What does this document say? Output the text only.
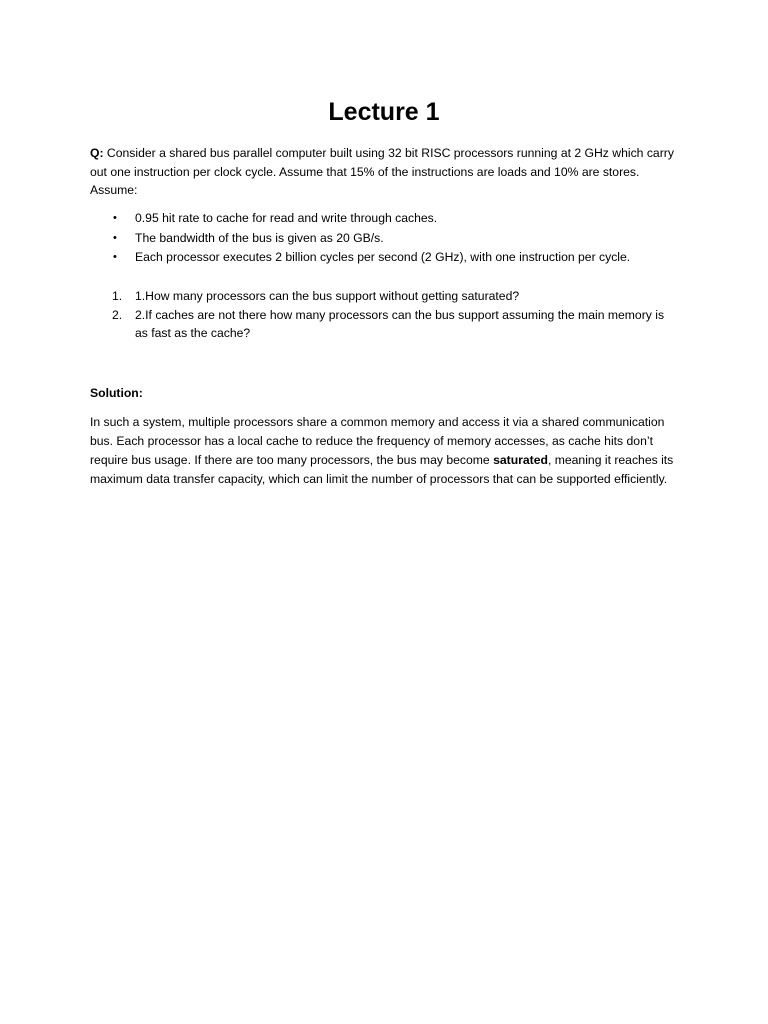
Lecture 1

Q: Consider a shared bus parallel computer built using 32 bit RISC processors running at 2 GHz which carry out one instruction per clock cycle. Assume that 15% of the instructions are loads and 10% are stores. Assume:

• 0.95 hit rate to cache for read and write through caches.
• The bandwidth of the bus is given as 20 GB/s.
• Each processor executes 2 billion cycles per second (2 GHz), with one instruction per cycle.
1. 1.How many processors can the bus support without getting saturated?
2. 2.If caches are not there how many processors can the bus support assuming the main memory is as fast as the cache?

Solution:

In such a system, multiple processors share a common memory and access it via a shared communication bus. Each processor has a local cache to reduce the frequency of memory accesses, as cache hits don’t require bus usage. If there are too many processors, the bus may become saturated, meaning it reaches its maximum data transfer capacity, which can limit the number of processors that can be supported efficiently.
